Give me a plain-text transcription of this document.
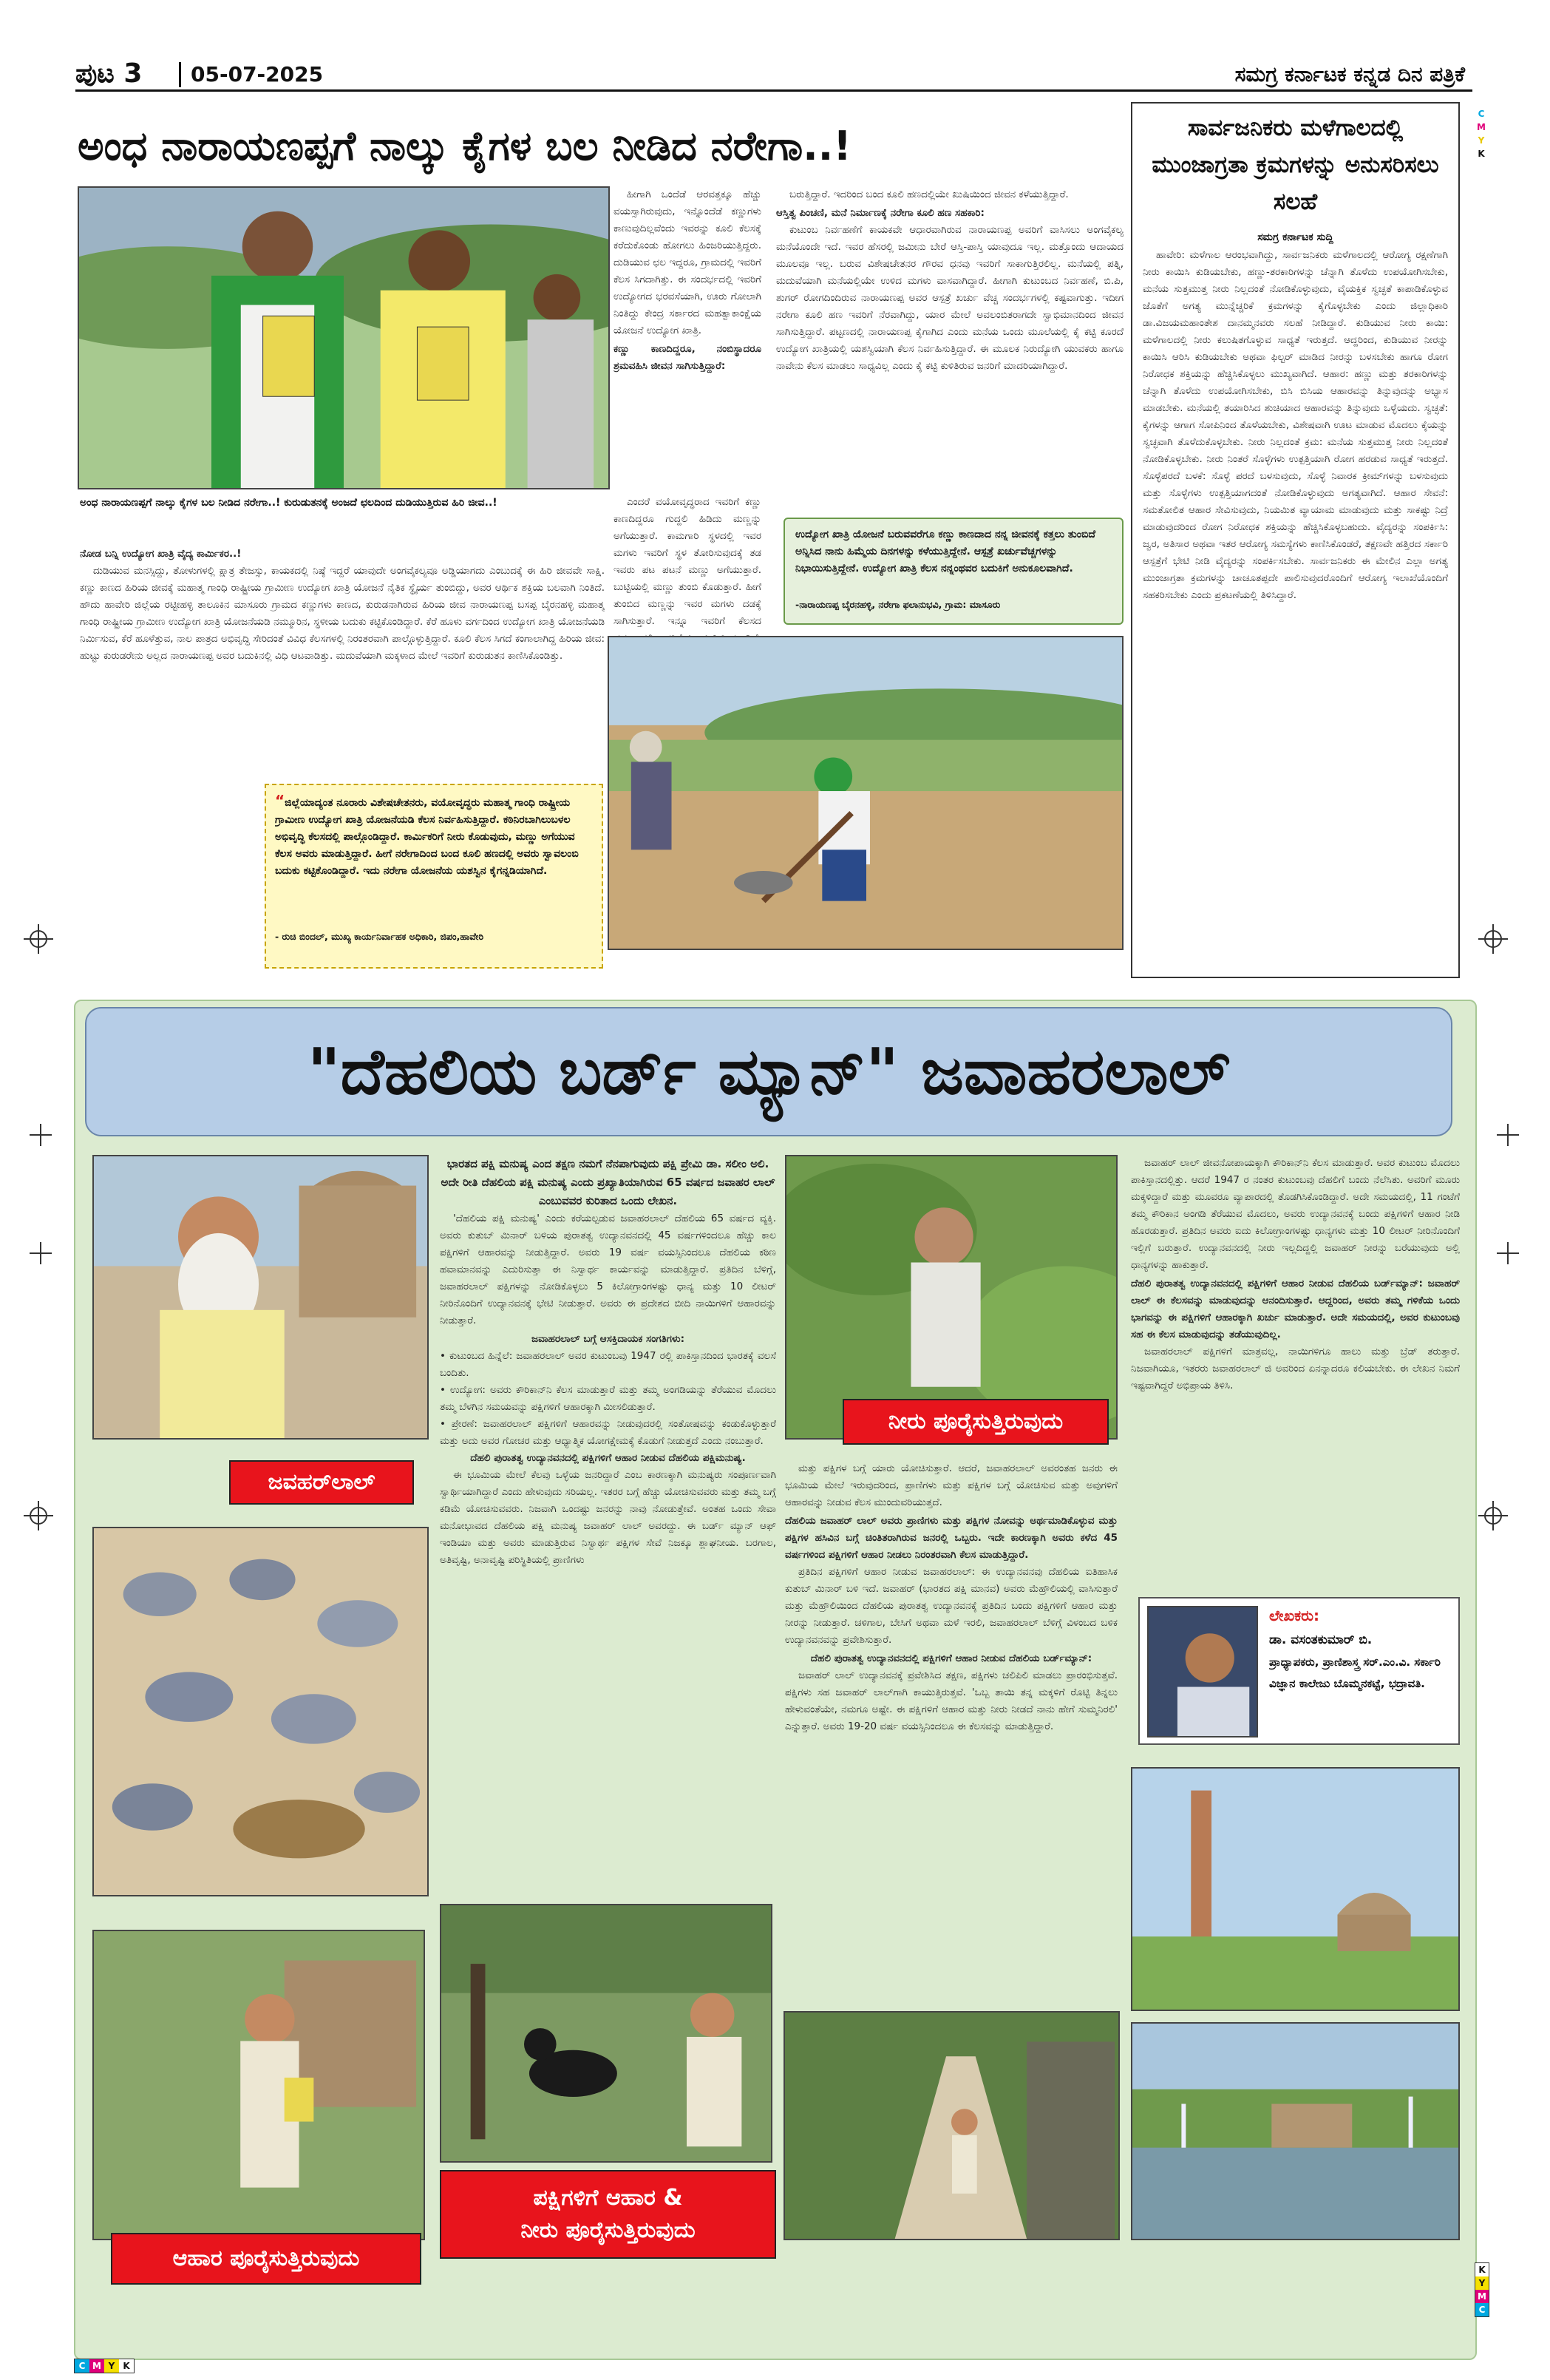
ಪುಟ 3 05-07-2025	ಸಮಗ್ರ ಕರ್ನಾಟಕ ಕನ್ನಡ ದಿನ ಪತ್ರಿಕೆ
ಅಂಧ ನಾರಾಯಣಪ್ಪಗೆ ನಾಲ್ಕು ಕೈಗಳ ಬಲ ನೀಡಿದ ನರೇಗಾ..!
ಅಂಧ ನಾರಾಯಣಪ್ಪಗೆ ನಾಲ್ಕು ಕೈಗಳ ಬಲ ನೀಡಿದ ನರೇಗಾ..! ಕುರುಡುತನಕ್ಕೆ ಅಂಜದೆ ಛಲದಿಂದ ದುಡಿಯುತ್ತಿರುವ ಹಿರಿ ಜೀವ..!
ನೋಡ ಬನ್ನಿ ಉದ್ಯೋಗ ಖಾತ್ರಿ ವೈದ್ಯ ಕಾರ್ಮಿಕರ..!

ದುಡಿಯುವ ಮನಸ್ಸಿದ್ದು, ತೋಳುಗಳಲ್ಲಿ ಕ್ಷಾತ್ರ ತೇಜಸ್ಸು, ಕಾಯಕದಲ್ಲಿ ನಿಷ್ಠೆ ಇದ್ದರೆ ಯಾವುದೇ ಅಂಗವೈಕಲ್ಯವೂ ಅಡ್ಡಿಯಾಗದು ಎಂಬುದಕ್ಕೆ ಈ ಹಿರಿ ಜೀವವೇ ಸಾಕ್ಷಿ. ಕಣ್ಣು ಕಾಣದ ಹಿರಿಯ ಜೀವಕ್ಕೆ ಮಹಾತ್ಮ ಗಾಂಧಿ ರಾಷ್ಟ್ರೀಯ ಗ್ರಾಮೀಣ ಉದ್ಯೋಗ ಖಾತ್ರಿ ಯೋಜನೆ ನೈತಿಕ ಸ್ಥೈರ್ಯ ತುಂಬಿದ್ದು, ಅವರ ಆರ್ಥಿಕ ಶಕ್ತಿಯ ಬಲವಾಗಿ ನಿಂತಿದೆ. ಹೌದು ಹಾವೇರಿ ಜಿಲ್ಲೆಯ ರಟ್ಟೀಹಳ್ಳಿ ತಾಲೂಕಿನ ಮಾಸೂರು ಗ್ರಾಮದ ಕಣ್ಣುಗಳು ಕಾಣದ, ಕುರುಡನಾಗಿರುವ ಹಿರಿಯ ಜೀವ ನಾರಾಯಣಪ್ಪ ಬಸಪ್ಪ ಬೈರನಹಳ್ಳಿ ಮಹಾತ್ಮ ಗಾಂಧಿ ರಾಷ್ಟ್ರೀಯ ಗ್ರಾಮೀಣ ಉದ್ಯೋಗ ಖಾತ್ರಿ ಯೋಜನೆಯಡಿ ನಮ್ಮೂರಿನ, ಸ್ಥಳೀಯ ಬದುಕು ಕಟ್ಟಿಕೊಂಡಿದ್ದಾರೆ. ಕೆರೆ ಹೂಳು ವರ್ಗದಿಂದ ಉದ್ಯೋಗ ಖಾತ್ರಿ ಯೋಜನೆಯಡಿ ನಿರ್ಮಿಸುವ, ಕೆರೆ ಹೂಳೆತ್ತುವ, ನಾಲ ಪಾತ್ರದ ಅಭಿವೃದ್ಧಿ ಸೇರಿದಂತೆ ವಿವಿಧ ಕೆಲಸಗಳಲ್ಲಿ ನಿರಂತರವಾಗಿ ಪಾಲ್ಗೊಳ್ಳುತ್ತಿದ್ದಾರೆ. ಕೂಲಿ ಕೆಲಸ ಸಿಗದೆ ಕಂಗಾಲಾಗಿದ್ದ ಹಿರಿಯ ಜೀವ: ಹುಟ್ಟು ಕುರುಡರೇನು ಅಲ್ಲದ ನಾರಾಯಣಪ್ಪ ಅವರ ಬದುಕಿನಲ್ಲಿ ವಿಧಿ ಆಟವಾಡಿತ್ತು. ಮದುವೆಯಾಗಿ ಮಕ್ಕಳಾದ ಮೇಲೆ ಇವರಿಗೆ ಕುರುಡುತನ ಕಾಣಿಸಿಕೊಂಡಿತ್ತು.

ಹೀಗಾಗಿ ಒಂದೆಡೆ ಆರವತ್ತಕ್ಕೂ ಹೆಚ್ಚು ವಯಸ್ಸಾಗಿರುವುದು, ಇನ್ನೊಂದೆಡೆ ಕಣ್ಣುಗಳು ಕಾಣುವುದಿಲ್ಲವೆಂದು ಇವರನ್ನು ಕೂಲಿ ಕೆಲಸಕ್ಕೆ ಕರೆದುಕೊಂಡು ಹೋಗಲು ಹಿಂಜರಿಯುತ್ತಿದ್ದರು. ದುಡಿಯುವ ಛಲ ಇದ್ದರೂ, ಗ್ರಾಮದಲ್ಲಿ ಇವರಿಗೆ ಕೆಲಸ ಸಿಗದಾಗಿತ್ತು. ಈ ಸಂದರ್ಭದಲ್ಲಿ ಇವರಿಗೆ ಉದ್ಯೋಗದ ಭರವಸೆಯಾಗಿ, ಊರು ಗೋಲಾಗಿ ನಿಂತಿದ್ದು ಕೇಂದ್ರ ಸರ್ಕಾರದ ಮಹತ್ವಾಕಾಂಕ್ಷೆಯ ಯೋಜನೆ ಉದ್ಯೋಗ ಖಾತ್ರಿ.

ಕಣ್ಣು ಕಾಣದಿದ್ದರೂ, ನಂಬಿಸ್ಥಾದರೂ ಶ್ರಮವಹಿಸಿ ಜೀವನ ಸಾಗಿಸುತ್ತಿದ್ದಾರೆ:

ಎಂದರೆ ವಯೋವೃದ್ಧರಾದ ಇವರಿಗೆ ಕಣ್ಣು ಕಾಣದಿದ್ದರೂ ಗುದ್ದಲಿ ಹಿಡಿದು ಮಣ್ಣನ್ನು ಅಗೆಯುತ್ತಾರೆ. ಕಾಮಗಾರಿ ಸ್ಥಳದಲ್ಲಿ ಇವರ ಮಗಳು ಇವರಿಗೆ ಸ್ಥಳ ತೋರಿಸುವುದಕ್ಕೆ ತಡ ಇವರು ಪಟ ಪಟನೆ ಮಣ್ಣು ಅಗೆಯುತ್ತಾರೆ. ಬುಟ್ಟಿಯಲ್ಲಿ ಮಣ್ಣು ತುಂಬಿ ಕೊಡುತ್ತಾರೆ. ಹೀಗೆ ತುಂಬಿದ ಮಣ್ಣನ್ನು ಇವರ ಮಗಳು ದಡಕ್ಕೆ ಸಾಗಿಸುತ್ತಾರೆ. ಇನ್ನೂ ಇವರಿಗೆ ಕೆಲಸದ

ಬರುತ್ತಿದ್ದಾರೆ. ಇದರಿಂದ ಬಂದ ಕೂಲಿ ಹಣದಲ್ಲಿಯೇ ಖುಷಿಯಿಂದ ಜೀವನ ಕಳೆಯುತ್ತಿದ್ದಾರೆ.

ಆಸ್ತಿತ್ವ ಪಿಂಚಣಿ, ಮನೆ ನಿರ್ಮಾಣಕ್ಕೆ ನರೇಗಾ ಕೂಲಿ ಹಣ ಸಹಕಾರಿ:

ಕುಟುಂಬ ನಿರ್ವಹಣೆಗೆ ಕಾಯಕವೇ ಆಧಾರವಾಗಿರುವ ನಾರಾಯಣಪ್ಪ ಅವರಿಗೆ ವಾಸಿಸಲು ಅಂಗವೈಕಲ್ಯ ಮನೆಯೊಂದೇ ಇದೆ. ಇವರ ಹೆಸರಲ್ಲಿ ಜಮೀನು ಬೇರೆ ಆಸ್ತಿ-ಪಾಸ್ತಿ ಯಾವುದೂ ಇಲ್ಲ. ಮತ್ತೊಂದು ಆದಾಯದ ಮೂಲವೂ ಇಲ್ಲ. ಬರುವ ವಿಶೇಷಚೇತನರ ಗೌರವ ಧನವು ಇವರಿಗೆ ಸಾಕಾಗುತ್ತಿರಲಿಲ್ಲ. ಮನೆಯಲ್ಲಿ ಪತ್ನಿ, ಮದುವೆಯಾಗಿ ಮನೆಯಲ್ಲಿಯೇ ಉಳಿದ ಮಗಳು ವಾಸವಾಗಿದ್ದಾರೆ. ಹೀಗಾಗಿ ಕುಟುಂಬದ ನಿರ್ವಹಣೆ, ಬಿ.ಪಿ, ಶುಗರ್ ರೋಗದಿಂದಿರುವ ನಾರಾಯಣಪ್ಪ ಅವರ ಆಸ್ಪತ್ರೆ ಖರ್ಚು ವೆಚ್ಚ ಸಂದರ್ಭಗಳಲ್ಲಿ ಕಷ್ಟವಾಗುತ್ತು. ಇದೀಗ ನರೇಗಾ ಕೂಲಿ ಹಣ ಇವರಿಗೆ ನೆರವಾಗಿದ್ದು, ಯಾರ ಮೇಲೆ ಅವಲಂಬಿತರಾಗದೇ ಸ್ವಾಭಿಮಾನದಿಂದ ಜೀವನ ಸಾಗಿಸುತ್ತಿದ್ದಾರೆ. ಪಟ್ಟಣದಲ್ಲಿ ನಾರಾಯಣಪ್ಪ ಕೈಗಾಗಿದ ಎಂದು ಮನೆಯ ಒಂದು ಮೂಲೆಯಲ್ಲಿ ಕೈ ಕಟ್ಟಿ ಕೂರದೆ ಉದ್ಯೋಗ ಖಾತ್ರಿಯಲ್ಲಿ ಯಶಸ್ವಿಯಾಗಿ ಕೆಲಸ ನಿರ್ವಹಿಸುತ್ತಿದ್ದಾರೆ. ಈ ಮೂಲಕ ನಿರುದ್ಯೋಗಿ ಯುವಕರು ಹಾಗೂ ನಾವೇನು ಕೆಲಸ ಮಾಡಲು ಸಾಧ್ಯವಿಲ್ಲ ಎಂದು ಕೈ ಕಟ್ಟಿ ಕುಳಿತಿರುವ ಜನರಿಗೆ ಮಾದರಿಯಾಗಿದ್ದಾರೆ.

ಉದ್ಯೋಗ ಖಾತ್ರಿ ಯೋಜನೆ ಬರುವವರೆಗೂ ಕಣ್ಣು ಕಾಣದಾದ ನನ್ನ ಜೀವನಕ್ಕೆ ಕತ್ತಲು ತುಂಬಿದೆ ಅನ್ನಿಸಿದ ನಾನು ಹಿಮ್ಮೆಯ ದಿನಗಳನ್ನು ಕಳೆಯುತ್ತಿದ್ದೇನೆ. ಆಸ್ಪತ್ರೆ ಖರ್ಚುವೆಚ್ಚಗಳನ್ನು ನಿಭಾಯಿಸುತ್ತಿದ್ದೇನೆ. ಉದ್ಯೋಗ ಖಾತ್ರಿ ಕೆಲಸ ನನ್ನಂಥವರ ಬದುಕಿಗೆ ಅನುಕೂಲವಾಗಿದೆ.
-ನಾರಾಯಣಪ್ಪ ಬೈರನಹಳ್ಳಿ, ನರೇಗಾ ಫಲಾನುಭವಿ, ಗ್ರಾಮ: ಮಾಸೂರು
“ಜಿಲ್ಲೆಯಾದ್ಯಂತ ನೂರಾರು ವಿಶೇಷಚೇತನರು, ವಯೋವೃದ್ಧರು ಮಹಾತ್ಮ ಗಾಂಧಿ ರಾಷ್ಟ್ರೀಯ ಗ್ರಾಮೀಣ ಉದ್ಯೋಗ ಖಾತ್ರಿ ಯೋಜನೆಯಡಿ ಕೆಲಸ ನಿರ್ವಹಿಸುತ್ತಿದ್ದಾರೆ. ಕಠಿನಿರಬಾಗಿಲುಬಳಲ ಅಭಿವೃದ್ಧಿ ಕೆಲಸದಲ್ಲಿ ಪಾಲ್ಗೊಂಡಿದ್ದಾರೆ. ಕಾರ್ಮಿಕರಿಗೆ ನೀರು ಕೊಡುವುದು, ಮಣ್ಣು ಅಗೆಯುವ ಕೆಲಸ ಅವರು ಮಾಡುತ್ತಿದ್ದಾರೆ. ಹೀಗೆ ನರೇಗಾದಿಂದ ಬಂದ ಕೂಲಿ ಹಣದಲ್ಲಿ ಅವರು ಸ್ವಾವಲಂಬಿ ಬದುಕು ಕಟ್ಟಿಕೊಂಡಿದ್ದಾರೆ. ಇದು ನರೇಗಾ ಯೋಜನೆಯ ಯಶಸ್ವಿನ ಕೈಗನ್ನಡಿಯಾಗಿದೆ.
- ರುಚಿ ಬಿಂದಲ್, ಮುಖ್ಯ ಕಾರ್ಯನಿರ್ವಾಹಕ ಅಧಿಕಾರಿ, ಜಿಪಂ,ಹಾವೇರಿ
ಸಾರ್ವಜನಿಕರು ಮಳೆಗಾಲದಲ್ಲಿ ಮುಂಜಾಗ್ರತಾ ಕ್ರಮಗಳನ್ನು ಅನುಸರಿಸಲು ಸಲಹೆ
ಸಮಗ್ರ ಕರ್ನಾಟಕ ಸುದ್ದಿ

ಹಾವೇರಿ: ಮಳೆಗಾಲ ಆರಂಭವಾಗಿದ್ದು, ಸಾರ್ವಜನಿಕರು ಮಳೆಗಾಲದಲ್ಲಿ ಆರೋಗ್ಯ ರಕ್ಷಣೆಗಾಗಿ ನೀರು ಕಾಯಿಸಿ ಕುಡಿಯಬೇಕು, ಹಣ್ಣು-ತರಕಾರಿಗಳನ್ನು ಚೆನ್ನಾಗಿ ತೊಳೆದು ಉಪಯೋಗಿಸಬೇಕು, ಮನೆಯ ಸುತ್ತಮುತ್ತ ನೀರು ನಿಲ್ಲದಂತೆ ನೋಡಿಕೊಳ್ಳುವುದು, ವೈಯಕ್ತಿಕ ಸ್ವಚ್ಛತೆ ಕಾಪಾಡಿಕೊಳ್ಳುವ ಜೊತೆಗೆ ಅಗತ್ಯ ಮುನ್ನೆಚ್ಚರಿಕೆ ಕ್ರಮಗಳನ್ನು ಕೈಗೊಳ್ಳಬೇಕು ಎಂದು ಜಿಲ್ಲಾಧಿಕಾರಿ ಡಾ.ವಿಜಯಮಹಾಂತೇಶ ದಾನಮ್ಮನವರು ಸಲಹೆ ನೀಡಿದ್ದಾರೆ. ಕುಡಿಯುವ ನೀರು ಕಾಯಿ: ಮಳೆಗಾಲದಲ್ಲಿ ನೀರು ಕಲುಷಿತಗೊಳ್ಳುವ ಸಾಧ್ಯತೆ ಇರುತ್ತದೆ. ಆದ್ದರಿಂದ, ಕುಡಿಯುವ ನೀರನ್ನು ಕಾಯಿಸಿ ಆರಿಸಿ ಕುಡಿಯಬೇಕು ಅಥವಾ ಫಿಲ್ಟರ್ ಮಾಡಿದ ನೀರನ್ನು ಬಳಸಬೇಕು ಹಾಗೂ ರೋಗ ನಿರೋಧಕ ಶಕ್ತಿಯನ್ನು ಹೆಚ್ಚಿಸಿಕೊಳ್ಳಲು ಮುಖ್ಯವಾಗಿದೆ. ಆಹಾರ: ಹಣ್ಣು ಮತ್ತು ತರಕಾರಿಗಳನ್ನು ಚೆನ್ನಾಗಿ ತೊಳೆದು ಉಪಯೋಗಿಸಬೇಕು, ಬಿಸಿ ಬಿಸಿಯ ಆಹಾರವನ್ನು ತಿನ್ನುವುದನ್ನು ಅಭ್ಯಾಸ ಮಾಡಬೇಕು. ಮನೆಯಲ್ಲಿ ತಯಾರಿಸಿದ ಶುಚಿಯಾದ ಆಹಾರವನ್ನು ತಿನ್ನುವುದು ಒಳ್ಳೆಯದು. ಸ್ವಚ್ಛತೆ: ಕೈಗಳನ್ನು ಆಗಾಗ ಸೋಪಿನಿಂದ ತೊಳೆಯಬೇಕು, ವಿಶೇಷವಾಗಿ ಊಟ ಮಾಡುವ ಮೊದಲು ಕೈಯನ್ನು ಸ್ವಚ್ಛವಾಗಿ ತೊಳೆದುಕೊಳ್ಳಬೇಕು. ನೀರು ನಿಲ್ಲದಂತೆ ಕ್ರಮ: ಮನೆಯ ಸುತ್ತಮುತ್ತ ನೀರು ನಿಲ್ಲದಂತೆ ನೋಡಿಕೊಳ್ಳಬೇಕು. ನೀರು ನಿಂತರೆ ಸೊಳ್ಳೆಗಳು ಉತ್ಪತ್ತಿಯಾಗಿ ರೋಗ ಹರಡುವ ಸಾಧ್ಯತೆ ಇರುತ್ತದೆ. ಸೊಳ್ಳೆಪರದೆ ಬಳಕೆ: ಸೊಳ್ಳೆ ಪರದೆ ಬಳಸುವುದು, ಸೊಳ್ಳೆ ನಿವಾರಕ ಕ್ರೀಮ್‌ಗಳನ್ನು ಬಳಸುವುದು ಮತ್ತು ಸೊಳ್ಳೆಗಳು ಉತ್ಪತ್ತಿಯಾಗದಂತೆ ನೋಡಿಕೊಳ್ಳುವುದು ಅಗತ್ಯವಾಗಿದೆ. ಆಹಾರ ಸೇವನೆ: ಸಮತೋಲಿತ ಆಹಾರ ಸೇವಿಸುವುದು, ನಿಯಮಿತ ವ್ಯಾಯಾಮ ಮಾಡುವುದು ಮತ್ತು ಸಾಕಷ್ಟು ನಿದ್ರೆ ಮಾಡುವುದರಿಂದ ರೋಗ ನಿರೋಧಕ ಶಕ್ತಿಯನ್ನು ಹೆಚ್ಚಿಸಿಕೊಳ್ಳಬಹುದು. ವೈದ್ಯರನ್ನು ಸಂಪರ್ಕಿಸಿ: ಜ್ವರ, ಅತಿಸಾರ ಅಥವಾ ಇತರ ಆರೋಗ್ಯ ಸಮಸ್ಯೆಗಳು ಕಾಣಿಸಿಕೊಂಡರೆ, ತಕ್ಷಣವೇ ಹತ್ತಿರದ ಸರ್ಕಾರಿ ಆಸ್ಪತ್ರೆಗೆ ಭೇಟಿ ನೀಡಿ ವೈದ್ಯರನ್ನು ಸಂಪರ್ಕಿಸಬೇಕು. ಸಾರ್ವಜನಿಕರು ಈ ಮೇಲಿನ ಎಲ್ಲಾ ಅಗತ್ಯ ಮುಂಜಾಗ್ರತಾ ಕ್ರಮಗಳನ್ನು ಚಾಚೂತಪ್ಪದೇ ಪಾಲಿಸುವುದರೊಂದಿಗೆ ಆರೋಗ್ಯ ಇಲಾಖೆಯೊಂದಿಗೆ ಸಹಕರಿಸಬೇಕು ಎಂದು ಪ್ರಕಟಣೆಯಲ್ಲಿ ತಿಳಿಸಿದ್ದಾರೆ.

"ದೆಹಲಿಯ ಬರ್ಡ್ ಮ್ಯಾನ್" ಜವಾಹರಲಾಲ್
ಜವಹರ್‌ಲಾಲ್
ಭಾರತದ ಪಕ್ಷಿ ಮನುಷ್ಯ ಎಂದ ತಕ್ಷಣ ನಮಗೆ ನೆನಪಾಗುವುದು ಪಕ್ಷಿ ಪ್ರೇಮಿ ಡಾ. ಸಲೀಂ ಅಲಿ. ಅದೇ ರೀತಿ ದೆಹಲಿಯ ಪಕ್ಷಿ ಮನುಷ್ಯ ಎಂದು ಪ್ರಖ್ಯಾತಿಯಾಗಿರುವ 65 ವರ್ಷದ ಜವಾಹರ ಲಾಲ್ ಎಂಬುವವರ ಕುರಿತಾದ ಒಂದು ಲೇಖನ.

'ದೆಹಲಿಯ ಪಕ್ಷಿ ಮನುಷ್ಯ' ಎಂದು ಕರೆಯಲ್ಪಡುವ ಜವಾಹರಲಾಲ್ ದೆಹಲಿಯ 65 ವರ್ಷದ ವ್ಯಕ್ತಿ. ಅವರು ಕುತುಬ್ ಮಿನಾರ್ ಬಳಿಯ ಪುರಾತತ್ವ ಉದ್ಯಾನವನದಲ್ಲಿ 45 ವರ್ಷಗಳಿಂದಲೂ ಹೆಚ್ಚು ಕಾಲ ಪಕ್ಷಿಗಳಿಗೆ ಆಹಾರವನ್ನು ನೀಡುತ್ತಿದ್ದಾರೆ. ಅವರು 19 ವರ್ಷ ವಯಸ್ಸಿನಿಂದಲೂ ದೆಹಲಿಯ ಕಠಿಣ ಹವಾಮಾನವನ್ನು ಎದುರಿಸುತ್ತಾ ಈ ನಿಸ್ವಾರ್ಥ ಕಾರ್ಯವನ್ನು ಮಾಡುತ್ತಿದ್ದಾರೆ. ಪ್ರತಿದಿನ ಬೆಳಿಗ್ಗೆ, ಜವಾಹರಲಾಲ್ ಪಕ್ಷಿಗಳನ್ನು ನೋಡಿಕೊಳ್ಳಲು 5 ಕಿಲೋಗ್ರಾಂಗಳಷ್ಟು ಧಾನ್ಯ ಮತ್ತು 10 ಲೀಟರ್ ನೀರಿನೊಂದಿಗೆ ಉದ್ಯಾನವನಕ್ಕೆ ಭೇಟಿ ನೀಡುತ್ತಾರೆ. ಅವರು ಈ ಪ್ರದೇಶದ ಬೀದಿ ನಾಯಿಗಳಿಗೆ ಆಹಾರವನ್ನು ನೀಡುತ್ತಾರೆ.

ಜವಾಹರಲಾಲ್ ಬಗ್ಗೆ ಆಸಕ್ತಿದಾಯಕ ಸಂಗತಿಗಳು:
• ಕುಟುಂಬದ ಹಿನ್ನೆಲೆ: ಜವಾಹರಲಾಲ್ ಅವರ ಕುಟುಂಬವು 1947 ರಲ್ಲಿ ಪಾಕಿಸ್ತಾನದಿಂದ ಭಾರತಕ್ಕೆ ವಲಸೆ ಬಂದಿತು.
• ಉದ್ಯೋಗ: ಅವರು ಕೌರಿಕಾನ್‌ನಿ ಕೆಲಸ ಮಾಡುತ್ತಾರೆ ಮತ್ತು ತಮ್ಮ ಅಂಗಡಿಯನ್ನು ತೆರೆಯುವ ಮೊದಲು ತಮ್ಮ ಬೆಳಗಿನ ಸಮಯವನ್ನು ಪಕ್ಷಿಗಳಿಗೆ ಆಹಾರಕ್ಕಾಗಿ ಮೀಸಲಿಡುತ್ತಾರೆ.
• ಪ್ರೇರಣೆ: ಜವಾಹರಲಾಲ್ ಪಕ್ಷಿಗಳಿಗೆ ಆಹಾರವನ್ನು ನೀಡುವುದರಲ್ಲಿ ಸಂತೋಷವನ್ನು ಕಂಡುಕೊಳ್ಳುತ್ತಾರೆ ಮತ್ತು ಅದು ಅವರ ಗೋಚರ ಮತ್ತು ಆಧ್ಯಾತ್ಮಿಕ ಯೋಗಕ್ಷೇಮಕ್ಕೆ ಕೊಡುಗೆ ನೀಡುತ್ತದೆ ಎಂದು ನಂಬುತ್ತಾರೆ.
ದೆಹಲಿ ಪುರಾತತ್ವ ಉದ್ಯಾನವನದಲ್ಲಿ ಪಕ್ಷಿಗಳಿಗೆ ಆಹಾರ ನೀಡುವ ದೆಹಲಿಯ ಪಕ್ಷಿಮನುಷ್ಯ.

ಈ ಭೂಮಿಯ ಮೇಲೆ ಕೆಲವು ಒಳ್ಳೆಯ ಜನರಿದ್ದಾರೆ ಎಂಬ ಕಾರಣಕ್ಕಾಗಿ ಮನುಷ್ಯರು ಸಂಪೂರ್ಣವಾಗಿ ಸ್ವಾರ್ಥಿಯಾಗಿದ್ದಾರೆ ಎಂದು ಹೇಳುವುದು ಸರಿಯಲ್ಲ. ಇತರರ ಬಗ್ಗೆ ಹೆಚ್ಚು ಯೋಚಿಸುವವರು ಮತ್ತು ತಮ್ಮ ಬಗ್ಗೆ ಕಡಿಮೆ ಯೋಚಿಸುವವರು. ನಿಜವಾಗಿ ಒಂದಷ್ಟು ಜನರನ್ನು ನಾವು ನೋಡುತ್ತೇವೆ. ಅಂತಹ ಒಂದು ಸೇವಾ ಮನೋಭಾವದ ದೆಹಲಿಯ ಪಕ್ಷಿ ಮನುಷ್ಯ ಜವಾಹರ್ ಲಾಲ್ ಅವರದ್ದು. ಈ ಬರ್ಡ್ ಮ್ಯಾನ್ ಆಫ್ ಇಂಡಿಯಾ ಮತ್ತು ಅವರು ಮಾಡುತ್ತಿರುವ ನಿಸ್ವಾರ್ಥ ಪಕ್ಷಿಗಳ ಸೇವೆ ನಿಜಕ್ಕೂ ಶ್ಲಾಘನೀಯ. ಬರಗಾಲ, ಅತಿವೃಷ್ಟಿ, ಅನಾವೃಷ್ಟಿ ಪರಿಸ್ಥಿತಿಯಲ್ಲಿ ಪ್ರಾಣಿಗಳು

ನೀರು ಪೂರೈಸುತ್ತಿರುವುದು

ಮತ್ತು ಪಕ್ಷಿಗಳ ಬಗ್ಗೆ ಯಾರು ಯೋಚಿಸುತ್ತಾರೆ. ಆದರೆ, ಜವಾಹರಲಾಲ್ ಅವರಂತಹ ಜನರು ಈ ಭೂಮಿಯ ಮೇಲೆ ಇರುವುದರಿಂದ, ಪ್ರಾಣಿಗಳು ಮತ್ತು ಪಕ್ಷಿಗಳ ಬಗ್ಗೆ ಯೋಚಿಸುವ ಮತ್ತು ಅವುಗಳಿಗೆ ಆಹಾರವನ್ನು ನೀಡುವ ಕೆಲಸ ಮುಂದುವರಿಯುತ್ತದೆ.

ದೆಹಲಿಯ ಜವಾಹರ್ ಲಾಲ್ ಅವರು ಪ್ರಾಣಿಗಳು ಮತ್ತು ಪಕ್ಷಿಗಳ ನೋವನ್ನು ಅರ್ಥಮಾಡಿಕೊಳ್ಳುವ ಮತ್ತು ಪಕ್ಷಿಗಳ ಹಸಿವಿನ ಬಗ್ಗೆ ಚಿಂತಿತರಾಗಿರುವ ಜನರಲ್ಲಿ ಒಬ್ಬರು. ಇದೇ ಕಾರಣಕ್ಕಾಗಿ ಅವರು ಕಳೆದ 45 ವರ್ಷಗಳಿಂದ ಪಕ್ಷಿಗಳಿಗೆ ಆಹಾರ ನೀಡಲು ನಿರಂತರವಾಗಿ ಕೆಲಸ ಮಾಡುತ್ತಿದ್ದಾರೆ.

ಪ್ರತಿದಿನ ಪಕ್ಷಿಗಳಿಗೆ ಆಹಾರ ನೀಡುವ ಜವಾಹರಲಾಲ್: ಈ ಉದ್ಯಾನವನವು ದೆಹಲಿಯ ಐತಿಹಾಸಿಕ ಕುತುಬ್ ಮಿನಾರ್ ಬಳಿ ಇದೆ. ಜವಾಹರ್ (ಭಾರತದ ಪಕ್ಷಿ ಮಾನವ) ಅವರು ಮೆಹ್ರೌಲಿಯಲ್ಲಿ ವಾಸಿಸುತ್ತಾರೆ ಮತ್ತು ಮೆಹ್ರೌಲಿಯಿಂದ ದೆಹಲಿಯ ಪುರಾತತ್ವ ಉದ್ಯಾನವನಕ್ಕೆ ಪ್ರತಿದಿನ ಬಂದು ಪಕ್ಷಿಗಳಿಗೆ ಆಹಾರ ಮತ್ತು ನೀರನ್ನು ನೀಡುತ್ತಾರೆ. ಚಳಿಗಾಲ, ಬೇಸಿಗೆ ಅಥವಾ ಮಳೆ ಇರಲಿ, ಜವಾಹರಲಾಲ್ ಬೆಳಿಗ್ಗೆ ವಿಳಂಬದ ಬಳಿಕ ಉದ್ಯಾನವನವನ್ನು ಪ್ರವೇಶಿಸುತ್ತಾರೆ.

ದೆಹಲಿ ಪುರಾತತ್ವ ಉದ್ಯಾನವನದಲ್ಲಿ ಪಕ್ಷಿಗಳಿಗೆ ಆಹಾರ ನೀಡುವ ದೆಹಲಿಯ ಬರ್ಡ್‌ಮ್ಯಾನ್:

ಜವಾಹರ್ ಲಾಲ್ ಉದ್ಯಾನವನಕ್ಕೆ ಪ್ರವೇಶಿಸಿದ ತಕ್ಷಣ, ಪಕ್ಷಿಗಳು ಚಲಿಪಿಲಿ ಮಾಡಲು ಪ್ರಾರಂಭಿಸುತ್ತವೆ. ಪಕ್ಷಿಗಳು ಸಹ ಜವಾಹರ್ ಲಾಲ್‌ಗಾಗಿ ಕಾಯುತ್ತಿರುತ್ತವೆ. 'ಒಬ್ಬ ತಾಯಿ ತನ್ನ ಮಕ್ಕಳಿಗೆ ರೊಟ್ಟಿ ತಿನ್ನಲು ಹೇಳುವಂತೆಯೇ, ನಮಗೂ ಅಷ್ಟೇ. ಈ ಪಕ್ಷಿಗಳಿಗೆ ಆಹಾರ ಮತ್ತು ನೀರು ನೀಡದೆ ನಾನು ಹೇಗೆ ಸುಮ್ಮನಿರಲಿ' ಎನ್ನುತ್ತಾರೆ. ಅವರು 19-20 ವರ್ಷ ವಯಸ್ಸಿನಿಂದಲೂ ಈ ಕೆಲಸವನ್ನು ಮಾಡುತ್ತಿದ್ದಾರೆ.

ಜವಾಹರ್ ಲಾಲ್ ಜೀವನೋಪಾಯಕ್ಕಾಗಿ ಕೌರಿಕಾನ್‌ನಿ ಕೆಲಸ ಮಾಡುತ್ತಾರೆ. ಅವರ ಕುಟುಂಬ ಮೊದಲು ಪಾಕಿಸ್ತಾನದಲ್ಲಿತ್ತು. ಆದರೆ 1947 ರ ನಂತರ ಕುಟುಂಬವು ದೆಹಲಿಗೆ ಬಂದು ನೆಲೆಸಿತು. ಅವರಿಗೆ ಮೂರು ಮಕ್ಕಳಿದ್ದಾರೆ ಮತ್ತು ಮೂವರೂ ವ್ಯಾಪಾರದಲ್ಲಿ ತೊಡಗಿಸಿಕೊಂಡಿದ್ದಾರೆ. ಅದೇ ಸಮಯದಲ್ಲಿ, 11 ಗಂಟೆಗೆ ತಮ್ಮ ಕೌರಿಕಾನ ಅಂಗಡಿ ತೆರೆಯುವ ಮೊದಲು, ಅವರು ಉದ್ಯಾನವನಕ್ಕೆ ಬಂದು ಪಕ್ಷಿಗಳಿಗೆ ಆಹಾರ ನೀಡಿ ಹೊರಡುತ್ತಾರೆ. ಪ್ರತಿದಿನ ಅವರು ಐದು ಕಿಲೋಗ್ರಾಂಗಳಷ್ಟು ಧಾನ್ಯಗಳು ಮತ್ತು 10 ಲೀಟರ್ ನೀರಿನೊಂದಿಗೆ ಇಲ್ಲಿಗೆ ಬರುತ್ತಾರೆ. ಉದ್ಯಾನವನದಲ್ಲಿ ನೀರು ಇಲ್ಲದಿದ್ದಲ್ಲಿ ಜವಾಹರ್ ನೀರನ್ನು ಬರೆಯುವುದು ಅಲ್ಲಿ ಧಾನ್ಯಗಳನ್ನು ಹಾಕುತ್ತಾರೆ.

ದೆಹಲಿ ಪುರಾತತ್ವ ಉದ್ಯಾನವನದಲ್ಲಿ ಪಕ್ಷಿಗಳಿಗೆ ಆಹಾರ ನೀಡುವ ದೆಹಲಿಯ ಬರ್ಡ್‌ಮ್ಯಾನ್: ಜವಾಹರ್ ಲಾಲ್ ಈ ಕೆಲಸವನ್ನು ಮಾಡುವುದನ್ನು ಆನಂದಿಸುತ್ತಾರೆ. ಆದ್ದರಿಂದ, ಅವರು ತಮ್ಮ ಗಳಿಕೆಯ ಒಂದು ಭಾಗವನ್ನು ಈ ಪಕ್ಷಿಗಳಿಗೆ ಆಹಾರಕ್ಕಾಗಿ ಖರ್ಚು ಮಾಡುತ್ತಾರೆ. ಅದೇ ಸಮಯದಲ್ಲಿ, ಅವರ ಕುಟುಂಬವು ಸಹ ಈ ಕೆಲಸ ಮಾಡುವುದನ್ನು ತಡೆಯುವುದಿಲ್ಲ.

ಜವಾಹರಲಾಲ್ ಪಕ್ಷಿಗಳಿಗೆ ಮಾತ್ರವಲ್ಲ, ನಾಯಿಗಳಿಗೂ ಹಾಲು ಮತ್ತು ಬ್ರೆಡ್ ತರುತ್ತಾರೆ. ನಿಜವಾಗಿಯೂ, ಇತರರು ಜವಾಹರಲಾಲ್ ಜಿ ಅವರಿಂದ ಏನನ್ನಾದರೂ ಕಲಿಯಬೇಕು. ಈ ಲೇಖನ ನಿಮಗೆ ಇಷ್ಟವಾಗಿದ್ದರೆ ಅಭಿಪ್ರಾಯ ತಿಳಿಸಿ.

ಲೇಖಕರು:
ಡಾ. ವಸಂತಕುಮಾರ್ ಬಿ.
ಪ್ರಾಧ್ಯಾಪಕರು, ಪ್ರಾಣಿಶಾಸ್ತ್ರ ಸರ್.ಎಂ.ವಿ. ಸರ್ಕಾರಿ ವಿಜ್ಞಾನ ಕಾಲೇಜು ಬೊಮ್ಮನಕಟ್ಟೆ, ಭದ್ರಾವತಿ.
ಪಕ್ಷಿಗಳಿಗೆ ಆಹಾರ &
ನೀರು ಪೂರೈಸುತ್ತಿರುವುದು
ಆಹಾರ ಪೂರೈಸುತ್ತಿರುವುದು
C
M
Y
K
K
Y
M
C
C M Y K
